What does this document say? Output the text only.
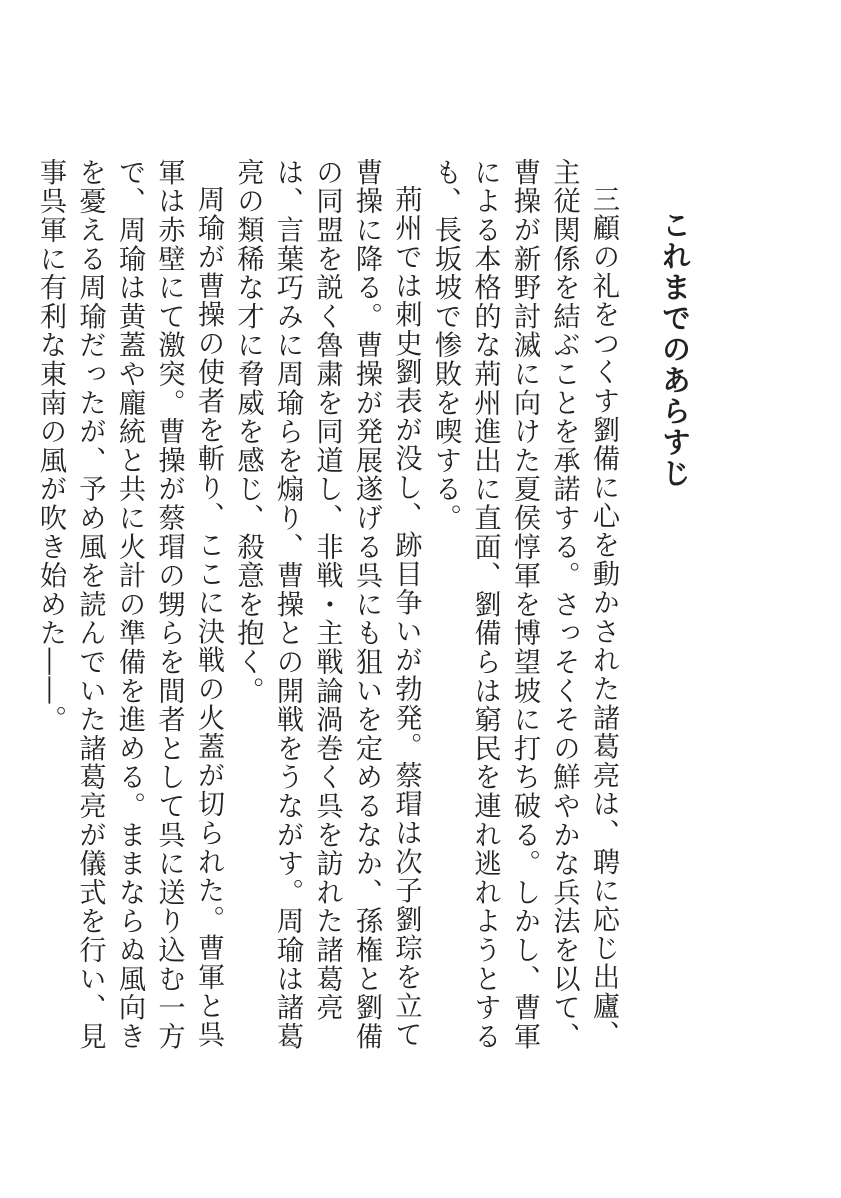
これまでのあらすじ

三顧の礼をつくす劉備に心を動かされた諸葛亮は、聘に応じ出廬、主従関係を結ぶことを承諾する。さっそくその鮮やかな兵法を以て、曹操が新野討滅に向けた夏侯惇軍を博望坡に打ち破る。しかし、曹軍による本格的な荊州進出に直面、劉備らは窮民を連れ逃れようとするも、長坂坡で惨敗を喫する。

荊州では刺史劉表が没し、跡目争いが勃発。蔡瑁は次子劉琮を立て曹操に降る。曹操が発展遂げる呉にも狙いを定めるなか、孫権と劉備の同盟を説く魯粛を同道し、非戦・主戦論渦巻く呉を訪れた諸葛亮は、言葉巧みに周瑜らを煽り、曹操との開戦をうながす。周瑜は諸葛亮の類稀な才に脅威を感じ、殺意を抱く。

周瑜が曹操の使者を斬り、ここに決戦の火蓋が切られた。曹軍と呉軍は赤壁にて激突。曹操が蔡瑁の甥らを間者として呉に送り込む一方で、周瑜は黄蓋や龐統と共に火計の準備を進める。ままならぬ風向きを憂える周瑜だったが、予め風を読んでいた諸葛亮が儀式を行い、見事呉軍に有利な東南の風が吹き始めた――。
